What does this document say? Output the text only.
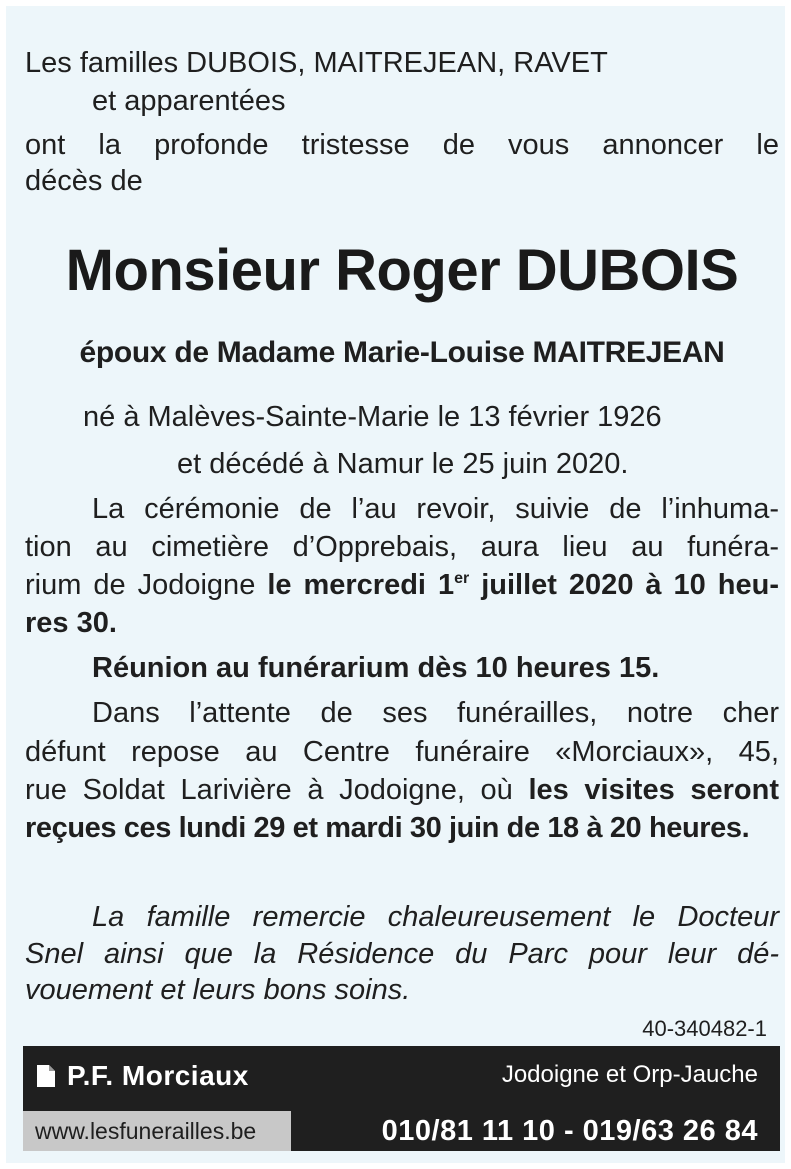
Les familles DUBOIS, MAITREJEAN, RAVET
et apparentées
ont la profonde tristesse de vous annoncer le
décès de
Monsieur Roger DUBOIS
époux de Madame Marie-Louise MAITREJEAN
né à Malèves-Sainte-Marie le 13 février 1926
et décédé à Namur le 25 juin 2020.
La cérémonie de l’au revoir, suivie de l’inhuma-
tion au cimetière d’Opprebais, aura lieu au funéra-
rium de Jodoigne le mercredi 1er juillet 2020 à 10 heu-
res 30.
Réunion au funérarium dès 10 heures 15.
Dans l’attente de ses funérailles, notre cher
défunt repose au Centre funéraire «Morciaux», 45,
rue Soldat Larivière à Jodoigne, où les visites seront
reçues ces lundi 29 et mardi 30 juin de 18 à 20 heures.
La famille remercie chaleureusement le Docteur
Snel ainsi que la Résidence du Parc pour leur dé-
vouement et leurs bons soins.
40-340482-1
P.F. Morciaux	Jodoigne et Orp-Jauche
www.lesfunerailles.be	010/81 11 10 - 019/63 26 84
